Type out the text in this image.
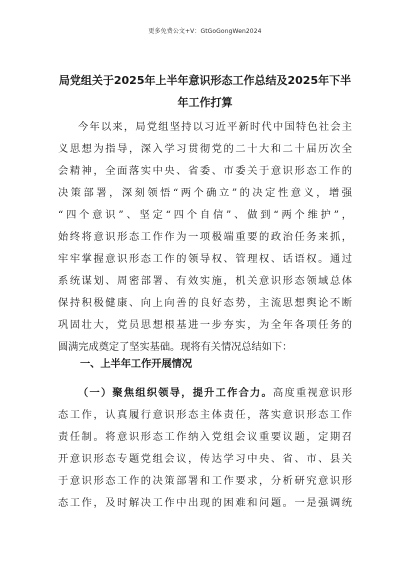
更多免费公文+V：GtGoGongWen2024
局党组关于2025年上半年意识形态工作总结及2025年下半
年工作打算
今年以来，局党组坚持以习近平新时代中国特色社会主
义思想为指导，深入学习贯彻党的二十大和二十届历次全
会精神，全面落实中央、省委、市委关于意识形态工作的
决策部署，深刻领悟“两个确立”的决定性意义，增强
“四个意识”、坚定“四个自信”、做到“两个维护”，
始终将意识形态工作作为一项极端重要的政治任务来抓，
牢牢掌握意识形态工作的领导权、管理权、话语权。通过
系统谋划、周密部署、有效实施，机关意识形态领域总体
保持积极健康、向上向善的良好态势，主流思想舆论不断
巩固壮大，党员思想根基进一步夯实，为全年各项任务的
圆满完成奠定了坚实基础。现将有关情况总结如下：
一、上半年工作开展情况
（一）聚焦组织领导，提升工作合力。高度重视意识形
态工作，认真履行意识形态主体责任，落实意识形态工作
责任制。将意识形态工作纳入党组会议重要议题，定期召
开意识形态专题党组会议，传达学习中央、省、市、县关
于意识形态工作的决策部署和工作要求，分析研究意识形
态工作，及时解决工作中出现的困难和问题。一是强调统
